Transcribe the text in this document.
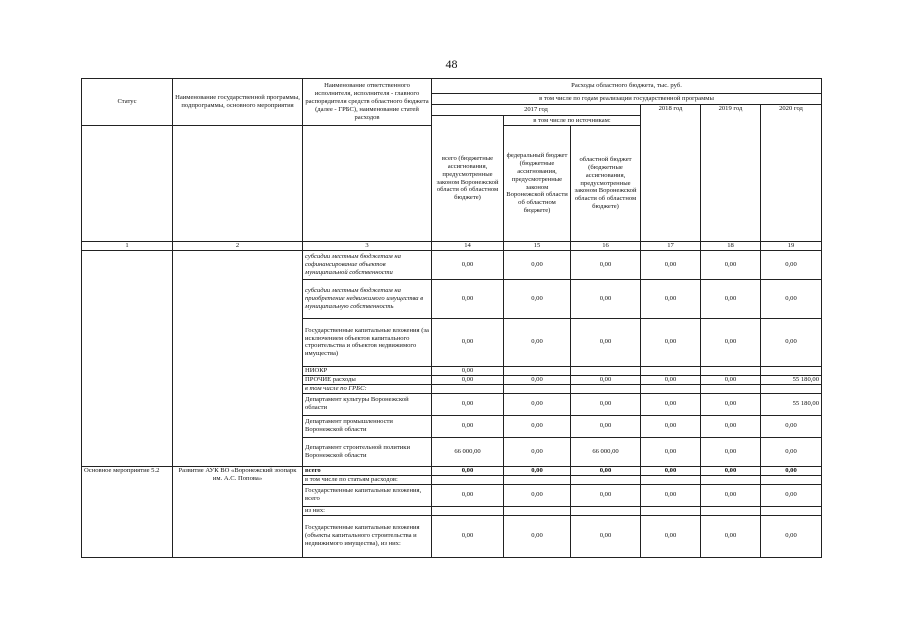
48
Статус	Наименование государственной программы, подпрограммы, основного мероприятия	Наименование ответственного исполнителя, исполнителя - главного распорядителя средств областного бюджета (далее - ГРБС), наименование статей расходов	Расходы областного бюджета, тыс. руб.					
			в том числе по годам реализации государственной программы					
			2017 год			2018 год	2019 год	2020 год
			всего (бюджетные ассигнования, предусмотренные законом Воронежской области об областном бюджете)	в том числе по источникам:				
				федеральный бюджет (бюджетные ассигнования, предусмотренные законом Воронежской области об областном бюджете)	областной бюджет (бюджетные ассигнования, предусмотренные законом Воронежской области об областном бюджете)			
1	2	3	14	15	16	17	18	19
		субсидии местным бюджетам на софинансирование объектов муниципальной собственности	0,00	0,00	0,00	0,00	0,00	0,00
		субсидии местным бюджетам на приобретение недвижимого имущества в муниципальную собственность	0,00	0,00	0,00	0,00	0,00	0,00
		Государственные капитальные вложения (за исключением объектов капитального строительства и объектов недвижимого имущества)	0,00	0,00	0,00	0,00	0,00	0,00
		НИОКР	0,00					
		ПРОЧИЕ расходы	0,00	0,00	0,00	0,00	0,00	55 180,00
		в том числе по ГРБС:						
		Департамент культуры Воронежской области	0,00	0,00	0,00	0,00	0,00	55 180,00
		Департамент промышленности Воронежской области	0,00	0,00	0,00	0,00	0,00	0,00
		Департамент строительной политики Воронежской области	66 000,00	0,00	66 000,00	0,00	0,00	0,00
Основное мероприятие 5.2	Развитие АУК ВО «Воронежский зоопарк им. А.С. Попова»	всего	0,00	0,00	0,00	0,00	0,00	0,00
		в том числе по статьям расходов:						
		Государственные капитальные вложения, всего	0,00	0,00	0,00	0,00	0,00	0,00
		из них:						
		Государственные капитальные вложения (объекты капитального строительства и недвижимого имущества), из них:	0,00	0,00	0,00	0,00	0,00	0,00
